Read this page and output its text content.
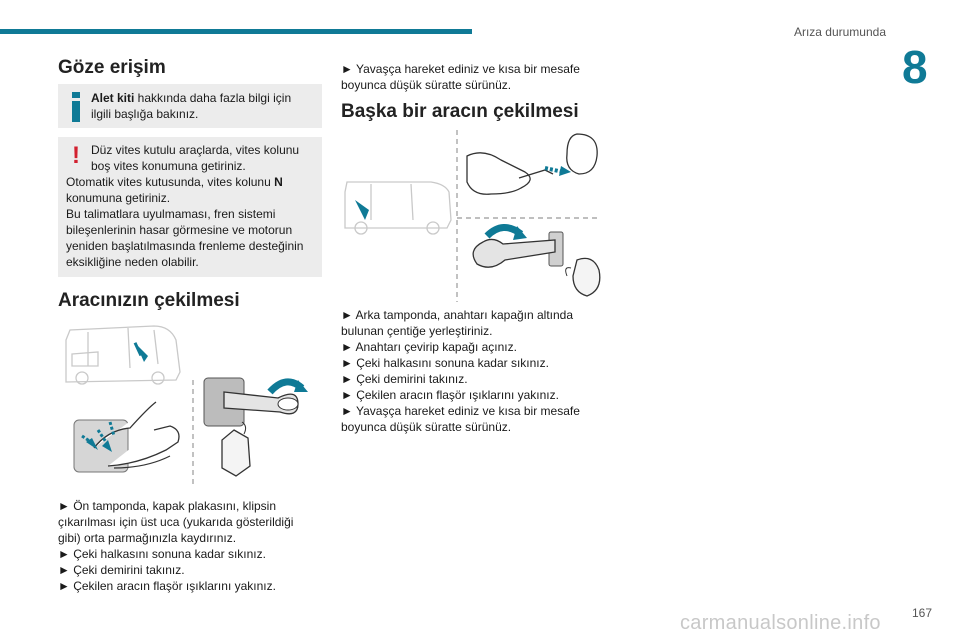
Arıza durumunda
8
Göze erişim
Alet kiti hakkında daha fazla bilgi için
ilgili başlığa bakınız.
! Düz vites kutulu araçlarda, vites kolunu
boş vites konumuna getiriniz.
Otomatik vites kutusunda, vites kolunu N
konumuna getiriniz.
Bu talimatlara uyulmaması, fren sistemi
bileşenlerinin hasar görmesine ve motorun
yeniden başlatılmasında frenleme desteğinin
eksikliğine neden olabilir.
Aracınızın çekilmesi
► Ön tamponda, kapak plakasını, klipsin
çıkarılması için üst uca (yukarıda gösterildiği
gibi) orta parmağınızla kaydırınız.
► Çeki halkasını sonuna kadar sıkınız.
► Çeki demirini takınız.
► Çekilen aracın flaşör ışıklarını yakınız.
► Yavaşça hareket ediniz ve kısa bir mesafe
boyunca düşük süratte sürünüz.
Başka bir aracın çekilmesi
► Arka tamponda, anahtarı kapağın altında
bulunan çentiğe yerleştiriniz.
► Anahtarı çevirip kapağı açınız.
► Çeki halkasını sonuna kadar sıkınız.
► Çeki demirini takınız.
► Çekilen aracın flaşör ışıklarını yakınız.
► Yavaşça hareket ediniz ve kısa bir mesafe
boyunca düşük süratte sürünüz.
167
carmanualsonline.info
